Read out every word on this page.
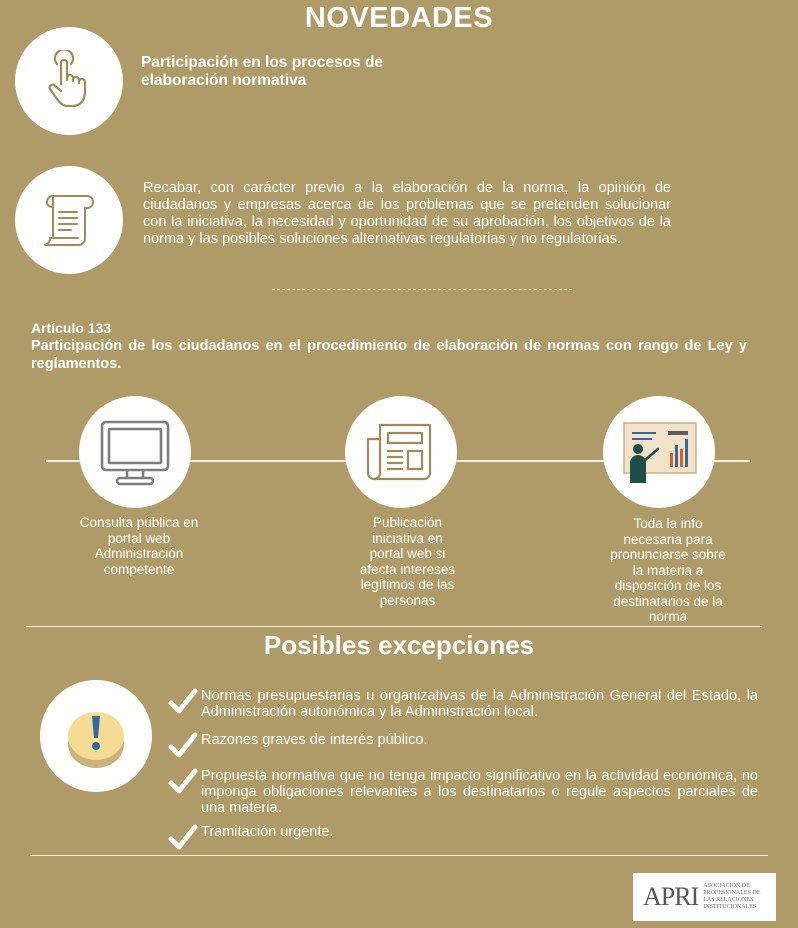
NOVEDADES
Participación en los procesos de elaboración normativa
Recabar, con carácter previo a la elaboración de la norma, la opinión de ciudadanos y empresas acerca de los problemas que se pretenden solucionar con la iniciativa, la necesidad y oportunidad de su aprobación, los objetivos de la norma y las posibles soluciones alternativas regulatorias y no regulatorias.
Artículo 133
Participación de los ciudadanos en el procedimiento de elaboración de normas con rango de Ley y reglamentos.
Consulta pública en portal web Administración competente
Publicación iniciativa en portal web si afecta intereses legítimos de las personas
Toda la info necesaria para pronunciarse sobre la materia a disposición de los destinatarios de la norma
Posibles excepciones
Normas presupuestarias u organizativas de la Administración General del Estado, la Administración autonómica y la Administración local.
Razones graves de interés público.
Propuesta normativa que no tenga impacto significativo en la actividad económica, no imponga obligaciones relevantes a los destinatarios o regule aspectos parciales de una materia.
Tramitación urgente.
APRI ASOCIACIÓN DE PROFESIONALES DE LAS RELACIONES INSTITUCIONALES
